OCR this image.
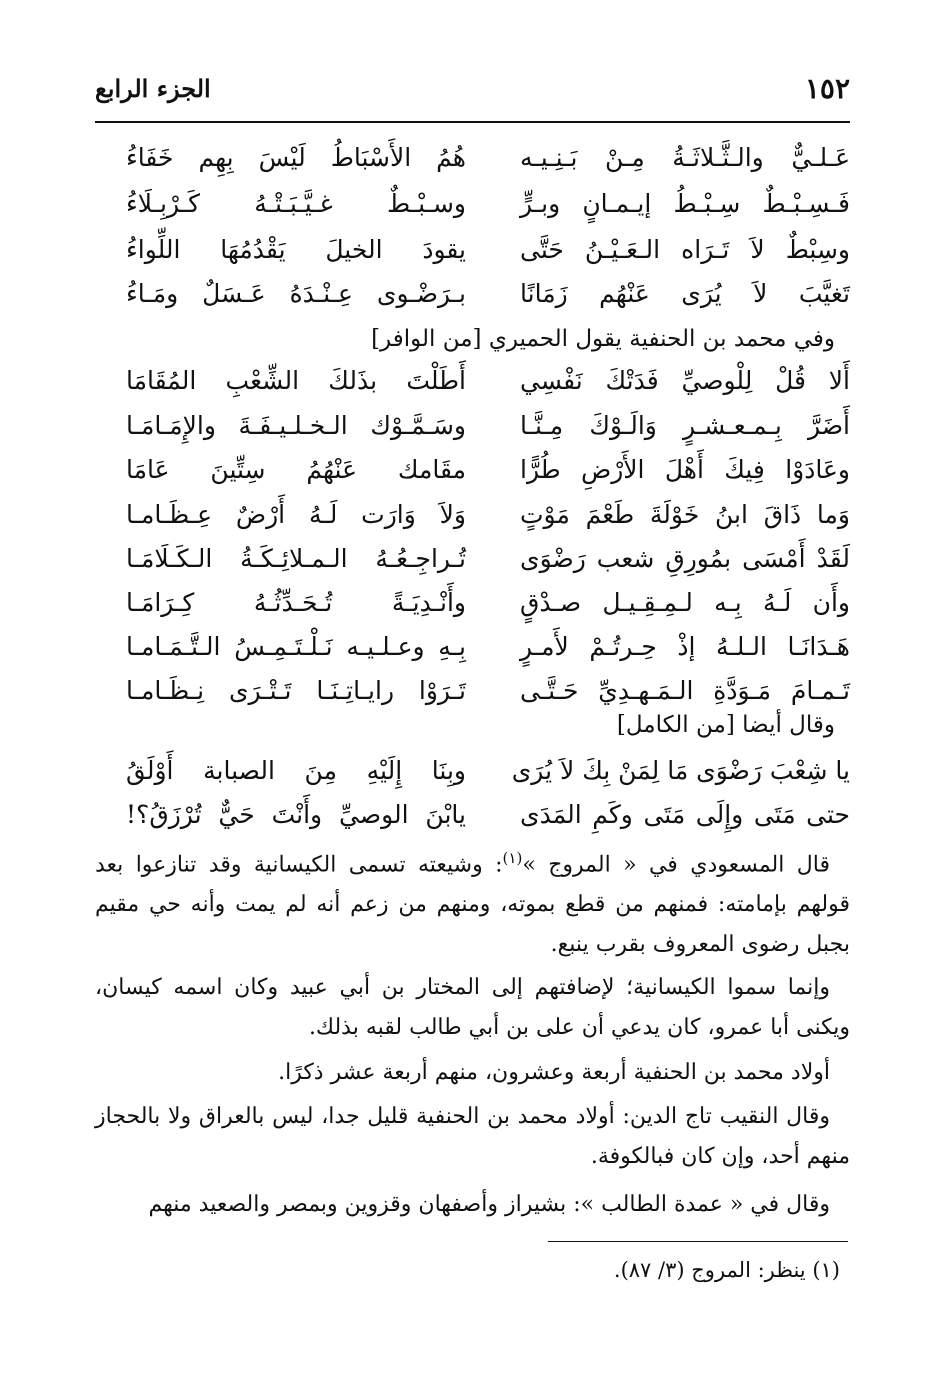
١٥٢
الجزء الرابع
عَـلـيٌّ والـثَّـلاثَـةُ مِـنْ بَـنِـيـه
هُمُ الأَسْبَاطُ لَيْسَ بِهِم خَفَاءُ
فَـسِـبْـطٌ سِـبْـطُ إيـمـانٍ وبـرٍّ
وسـبْـطٌ غـيَّـبَـتْـهُ كَـرْبِـلَاءُ
وسِبْطٌ لاَ تَـرَاه الـعَـيْـنُ حَتَّى
يقودَ الخيلَ يَقْدُمُهَا اللِّواءُ
تَغيَّبَ لاَ يُرَى عَنْهُم زَمَانًا
بـرَضْـوى عِـنْـدَهُ عَـسَلٌ ومَـاءُ
وفي محمد بن الحنفية يقول الحميري [من الوافر]
أَلا قُلْ لِلْوصيِّ فَدَتْكَ نَفْسِي
أَطَلْتَ بذَلكَ الشِّعْبِ المُقَامَا
أَضَرَّ بِـمـعـشـرٍ وَالَـوْكَ مِـنَّـا
وسَـمَّـوْك الـخـلـيـفَـةَ والإِمَـامَـا
وعَادَوْا فِيكَ أَهْلَ الأَرْضِ طُرًّا
مقَامك عَنْهُمُ سِتِّينَ عَامَا
وَما ذَاقَ ابنُ خَوْلَةَ طَعْمَ مَوْتٍ
وَلاَ وَارَت لَـهُ أَرْضٌ عِـظَـامـا
لَقَدْ أَمْسَى بمُورِقِ شعب رَضْوَى
تُـراجِـعُـهُ الـمـلائِـكَـةُ الـكَـلَامَـا
وأَن لَـهُ بِـه لـمِـقِـيـل صـدْقٍ
وأَنْـدِيَـةً تُـحَـدِّثُـهُ كِـرَامَـا
هَـدَانَـا الـلـهُ إذْ حِـرتُـمْ لأَمـرٍ
بِـهِ وعـلـيـه نَـلْـتَـمِـسُ الـتَّـمَـامـا
تَـمـامَ مَـوَدَّةِ الـمَـهـدِيِّ حَـتَّـى
تَـرَوْا رايـاتِـنَـا تَـتْـرَى نِـظَـامـا
وقال أيضا [من الكامل]
يا شِعْبَ رَضْوَى مَا لِمَنْ بِكَ لاَ يُرَى
وبِنَا إِلَيْهِ مِنَ الصبابة أَوْلَقُ
حتى مَتَى وإِلَى مَتَى وكَمِ المَدَى
يابْنَ الوصيِّ وأَنْتَ حَيٌّ تُرْزَقُ؟!
قال المسعودي في « المروج »$^{(١)}$: وشيعته تسمى الكيسانية وقد تنازعوا بعد قولهم بإمامته: فمنهم من قطع بموته، ومنهم من زعم أنه لم يمت وأنه حي مقيم بجبل رضوى المعروف بقرب ينبع.
وإنما سموا الكيسانية؛ لإضافتهم إلى المختار بن أبي عبيد وكان اسمه كيسان، ويكنى أبا عمرو، كان يدعي أن على بن أبي طالب لقبه بذلك.
أولاد محمد بن الحنفية أربعة وعشرون، منهم أربعة عشر ذكرًا.
وقال النقيب تاج الدين: أولاد محمد بن الحنفية قليل جدا، ليس بالعراق ولا بالحجاز منهم أحد، وإن كان فبالكوفة.
وقال في « عمدة الطالب »: بشيراز وأصفهان وقزوين وبمصر والصعيد منهم
(١) ينظر: المروج (٣/ ٨٧).
